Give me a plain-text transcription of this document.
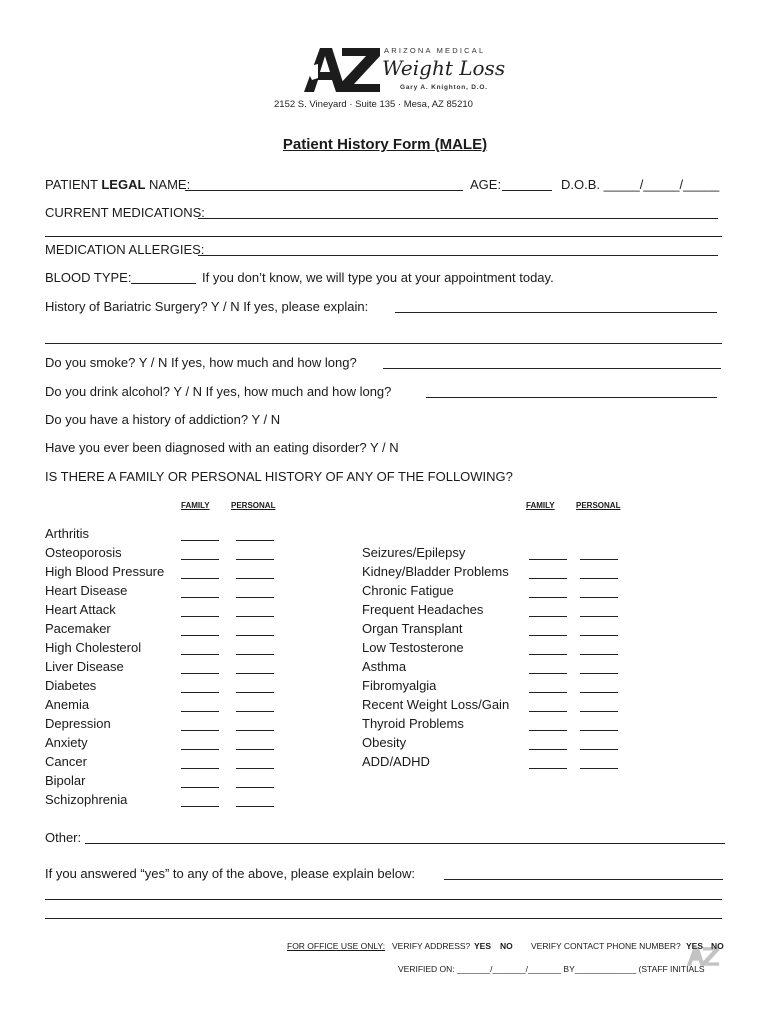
ARIZONA MEDICAL
Weight Loss
Gary A. Knighton, D.O.
2152 S. Vineyard · Suite 135 · Mesa, AZ 85210
Patient History Form (MALE)
PATIENT LEGAL NAME:	AGE:	D.O.B. _____/_____/_____
CURRENT MEDICATIONS:
MEDICATION ALLERGIES:
BLOOD TYPE:	If you don’t know, we will type you at your appointment today.
History of Bariatric Surgery? Y / N If yes, please explain:
Do you smoke? Y / N If yes, how much and how long?
Do you drink alcohol? Y / N If yes, how much and how long?
Do you have a history of addiction? Y / N
Have you ever been diagnosed with an eating disorder? Y / N
IS THERE A FAMILY OR PERSONAL HISTORY OF ANY OF THE FOLLOWING?
FAMILY	PERSONAL	FAMILY	PERSONAL
Arthritis
Osteoporosis
High Blood Pressure
Heart Disease
Heart Attack
Pacemaker
High Cholesterol
Liver Disease
Diabetes
Anemia
Depression
Anxiety
Cancer
Bipolar
Schizophrenia
Seizures/Epilepsy
Kidney/Bladder Problems
Chronic Fatigue
Frequent Headaches
Organ Transplant
Low Testosterone
Asthma
Fibromyalgia
Recent Weight Loss/Gain
Thyroid Problems
Obesity
ADD/ADHD
Other:
If you answered “yes” to any of the above, please explain below:
FOR OFFICE USE ONLY: VERIFY ADDRESS? YES NO VERIFY CONTACT PHONE NUMBER? YES NO
VERIFIED ON: _______/_______/_______ BY_____________ (STAFF INITIALS
